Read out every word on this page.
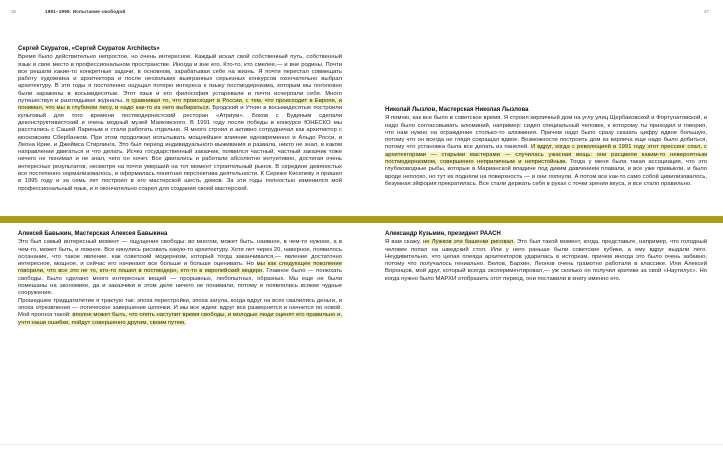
36	1991–1999. Испытание свободой	37
Сергей Скуратов, «Сергей Скуратов Architects»

Время было действительно непростое, но очень интересное. Каждый искал свой собственный путь, собственный язык и свое место в профессиональном пространстве. Иногда и вне его. Кто-то, кто смелее,— и вне родины. Почти все решали какие-то конкретные задачи, в основном, зарабатывая себе на жизнь. Я почти перестал совмещать работу художника и архитектора и после нескольких выигранных серьезных конкурсов окончательно выбрал архитектуру. В эти годы я постепенно ощущал потерю интереса к языку постмодернизма, которым мы поголовно были заражены в восьмидесятые. Этот язык и его философия устаревали и почти исчерпали себя. Много путешествуя и разглядывая журналы, я сравнивал то, что происходит в России, с тем, что происходит в Европе, и понимал, что мы в глубоком лесу, и надо как-то из него выбираться. Бродский и Уткин в восьмидесятые построили культовый для того времени постмодернистский ресторан «Атриум». Боков с Будиным сделали деконструктивистский и очень модный музей Маяковского. В 1991 году после победы в конкурсе ЮНЕСКО мы расстались с Сашей Лариным и стали работать отдельно. Я много строил и активно сотрудничал как архитектор с московским Сбербанком. При этом продолжал испытывать мощнейшее влияние одновременно и Альдо Росси, и Леона Крие, и Джеймса Стирлинга. Это был период индивидуального выживания и развала, никто не знал, в каком направлении двигаться и что делать. Исчез государственный заказчик, появился частный, частный заказчик тоже ничего не понимал и не знал, чего он хочет. Все двигались и работали абсолютно интуитивно, достигая очень интересных результатов, несмотря на почти умерший на тот момент строительный рынок. В середине девяностых все постепенно нормализовалось, и оформилась понятная перспектива деятельности. К Сереже Киселеву я пришел в 1995 году и за семь лет построил в его мастерской шесть домов. За эти годы полностью изменился мой профессиональный язык, и я окончательно созрел для создания своей мастерской.

Николай Лызлов, Мастерская Николая Лызлова

Я помню, как все было в советское время. Я строил кирпичный дом на углу улиц Щербаковской и Фортунатовской, и надо было согласовывать алюминий, например: сидел специальный человек, к которому ты приходил и говорил, что нам нужно на ограждение столько-то алюминия. Причем надо было сразу сказать цифру вдвое большую, потому что он всегда не глядя сокращал вдвое. Возможности построить дом из кирпича еще надо было добиться, потому что установка была все делать из панелей. И вдруг, когда с революцией в 1991 году этот прессинг спал, с архитекторами — старыми мастерами — случилась ужасная вещь: они расцвели каким-то невероятным постмодернизмом, совершенно неприличным и непристойным. Тогда у меня была такая ассоциация, что это глубоководные рыбы, которые в Марианской впадине под диким давлением плавали, и все уже привыкли, и было вроде неплохо, но тут их подняли на поверхность — и они лопнули. А потом все как-то само собой цивилизовалось, безумная эйфория прекратилась. Все стали держать себя в руках с точки зрения вкуса, и все стало правильно.

Алексей Бавыкин, Мастерская Алексея Бавыкина

Это был самый интересный момент — ощущение свободы: во многом, может быть, наивное, в чем-то нужное, а в чем-то, может быть, и ложное. Все кинулись рисовать какую-то архитектуру. Хотя лет через 20, наверное, появилось осознание, что такое явление, как советский модернизм, который тогда заканчивался,— явление достаточно интересное, мощное, и сейчас его начинают все больше и больше оценивать. Но мы как следующее поколение говорили, что все это не то, кто-то пошел в постмодерн, кто-то в европейский модерн. Главное было — понюхать свободы. Было сделано много интересных вещей — прорывных, любопытных, образных. Мы еще не были помешаны на экономике, да и заказчики в этом деле ничего не понимали, потому и появлялись всякие чудные сооружения.

Прошедшее тридцатилетие я трактую так: эпоха перестройки, эпоха загула, когда вдруг на всех свалились деньги, и эпоха отрезвления — логическое завершение цепочки. И мы все ждем: вдруг все развернется и начнется по новой. Мой прогноз такой: вполне может быть, что опять наступит время свободы, и молодые люди оценят его правильно и, учтя наши ошибки, пойдут совершенно другим, своим путем.

Александр Кузьмин, президент РААСН

Я вам скажу, не Лужков эти башенки рисовал. Это был такой момент, когда, представьте, например, что голодный человек попал на шведский стол. Или у него раньше были советские кубики, а ему вдруг выдали лего. Неудивительно, что целая плеяда архитекторов ударилась в историзм, причем иногда это было очень забавно, потому что получалось гениально. Белов, Бархин, Леонов очень грамотно работали в классике. Или Алексей Воронцов, мой друг, который всегда экспериментировал,— уж сколько он получил критики за свой «Наутилус». Но когда нужно было МАРХИ отобразить этот период, они поставили в книгу именно его.
